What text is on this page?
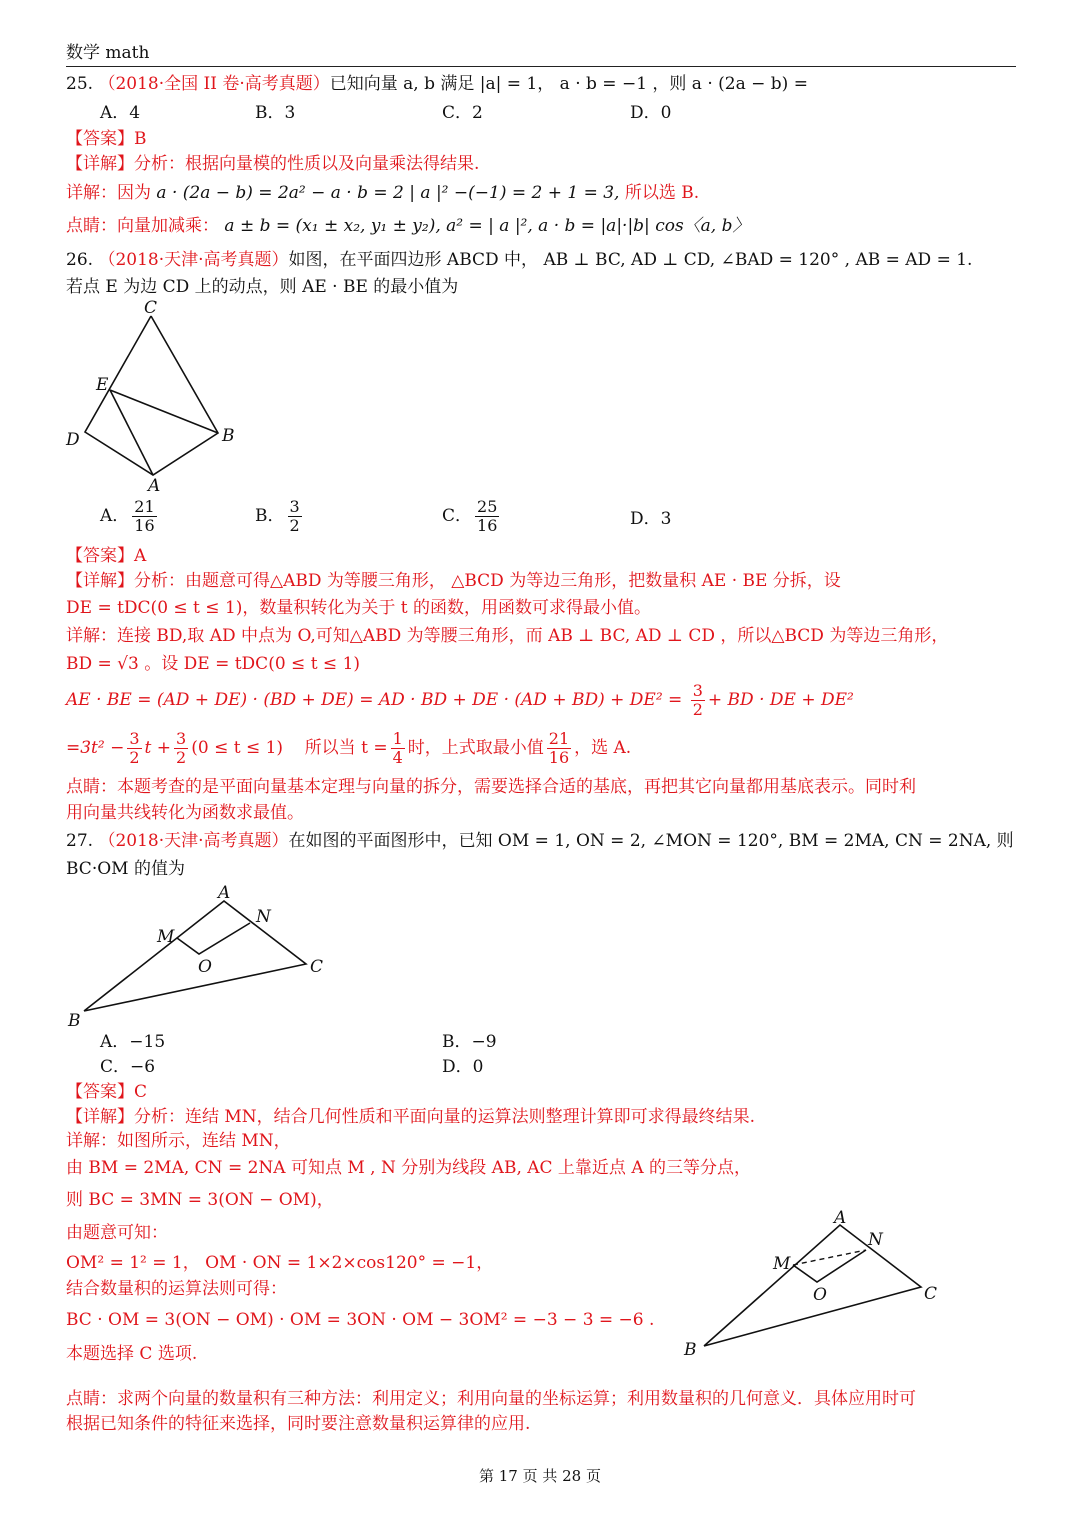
数学 math
25. （2018·全国 II 卷·高考真题）已知向量 a, b 满足 |a| = 1， a · b = −1 ，则 a · (2a − b) =
A．4	B．3	C．2	D．0
【答案】B
【详解】分析：根据向量模的性质以及向量乘法得结果.
详解：因为 a · (2a − b) = 2a² − a · b = 2 | a |² −(−1) = 2 + 1 = 3, 所以选 B.
点睛：向量加减乘： a ± b = (x₁ ± x₂, y₁ ± y₂), a² = | a |², a · b = |a|·|b| cos〈a, b〉
26. （2018·天津·高考真题）如图，在平面四边形 ABCD 中， AB ⊥ BC, AD ⊥ CD, ∠BAD = 120° , AB = AD = 1.
若点 E 为边 CD 上的动点，则 AE · BE 的最小值为
C
E
D	B
A
A． $\frac{21}{16}$	B． $\frac{3}{2}$	C． $\frac{25}{16}$	D．3
【答案】A
【详解】分析：由题意可得△ABD 为等腰三角形， △BCD 为等边三角形，把数量积 AE · BE 分拆，设
DE = tDC(0 ≤ t ≤ 1)，数量积转化为关于 t 的函数，用函数可求得最小值。
详解：连接 BD,取 AD 中点为 O,可知△ABD 为等腰三角形，而 AB ⊥ BC, AD ⊥ CD ，所以△BCD 为等边三角形，
BD = √3 。设 DE = tDC(0 ≤ t ≤ 1)
AE · BE = (AD + DE) · (BD + DE) = AD · BD + DE · $(AD + BD) + DE^2 = \frac{3}{2}$ + BD · DE + DE²
$=3t^2 - \frac{3}{2}$ $t + \frac{3}{2} (0 \le t \le 1)$ 所以当 $t = \frac{1}{4}$ 时，上式取最小值 $\frac{21}{16}$ ，选 A.
点睛：本题考查的是平面向量基本定理与向量的拆分，需要选择合适的基底，再把其它向量都用基底表示。同时利
用向量共线转化为函数求最值。
27. （2018·天津·高考真题）在如图的平面图形中，已知 OM = 1, ON = 2, ∠MON = 120°, BM = 2MA, CN = 2NA, 则
BC·OM 的值为
A
N
M
O	C
B
A．−15	B．−9
C．−6	D．0
【答案】C
【详解】分析：连结 MN，结合几何性质和平面向量的运算法则整理计算即可求得最终结果.
详解：如图所示，连结 MN，
由 BM = 2MA, CN = 2NA 可知点 M , N 分别为线段 AB, AC 上靠近点 A 的三等分点，
则 BC = 3MN = 3(ON − OM)，
由题意可知：
OM² = 1² = 1， OM · ON = 1×2×cos120° = −1，
结合数量积的运算法则可得：
BC · OM = 3(ON − OM) · OM = 3ON · OM − 3OM² = −3 − 3 = −6 .
本题选择 C 选项.
A
N
M
O	C
B
点睛：求两个向量的数量积有三种方法：利用定义；利用向量的坐标运算；利用数量积的几何意义．具体应用时可
根据已知条件的特征来选择，同时要注意数量积运算律的应用.
第 17 页 共 28 页
